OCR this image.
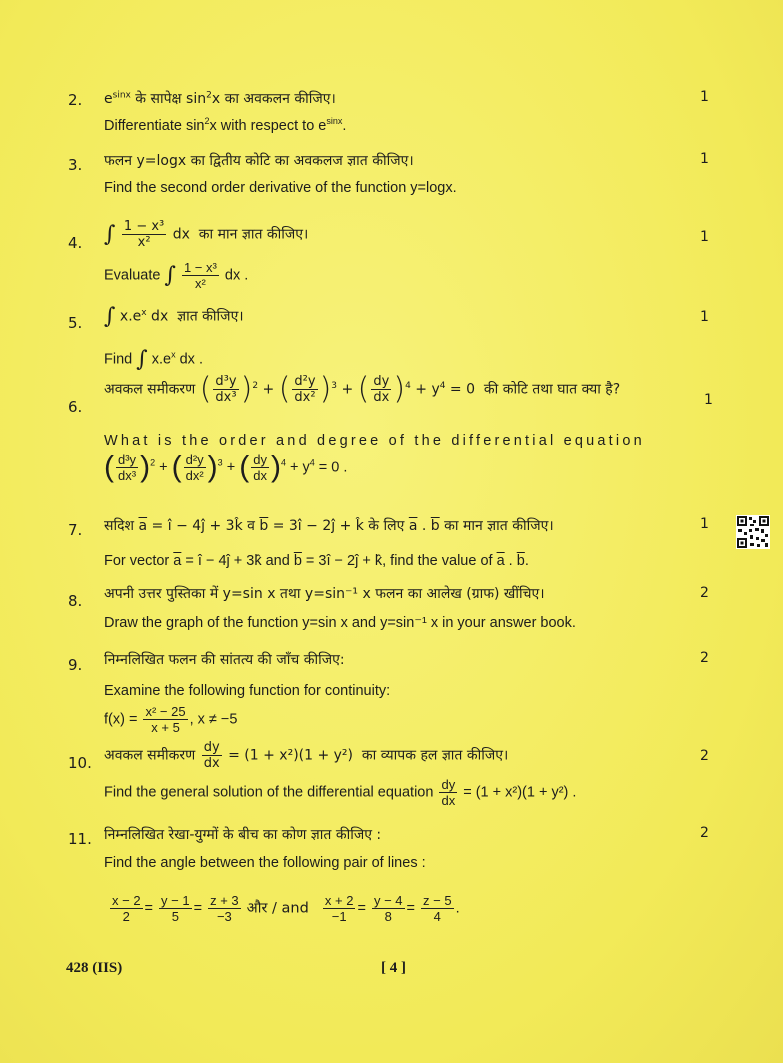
2.	1
$e^{sinx}$ के सापेक्ष $\sin^2x$ का अवकलन कीजिए।
Differentiate $\sin^2x$ with respect to $e^{sinx}$.
3.	1
फलन y=logx का द्वितीय कोटि का अवकलज ज्ञात कीजिए।
Find the second order derivative of the function y=logx.
4.	1
∫ $\frac{\text{1 − x³}}{\text{x²}}$ dx का मान ज्ञात कीजिए।
Evaluate ∫ $\frac{\text{1 − x³}}{\text{x²}}$ dx .
5.	1
∫ $x.e^x$ dx ज्ञात कीजिए।
Find ∫ $x.e^x$ dx .
6.	1
अवकल समीकरण ( $\frac{\text{d³y}}{\text{dx³}} )^2$ + ( $\frac{\text{d²y}}{\text{dx²}} )^3$ + ( $\frac{dy}{dx} )^4 + y^4 = 0$ की कोटि तथा घात क्या है?
What is the order and degree of the differential equation
( $\frac{\text{d³y}}{\text{dx³}} )^2$ + ( $\frac{\text{d²y}}{\text{dx²}} )^3$ + ( $\frac{dy}{dx} )^4 + y^4 = 0$ .
7.	1
सदिश $\overline{a}$ = î − 4ĵ + 3k̂ व $\overline{b}$ = 3î − 2ĵ + k̂ के लिए $\overline{a}$ . $\overline{b}$ का मान ज्ञात कीजिए।
For vector $\overline{a}$ = î − 4ĵ + 3k̂ and $\overline{b}$ = 3î − 2ĵ + k̂, find the value of $\overline{a}$ . $\overline{b}$.
8.	2
अपनी उत्तर पुस्तिका में y=sin x तथा y=sin⁻¹ x फलन का आलेख (ग्राफ) खींचिए।
Draw the graph of the function y=sin x and y=sin⁻¹ x in your answer book.
9.	2
निम्नलिखित फलन की सांतत्य की जाँच कीजिए:
Examine the following function for continuity:
$f(x) = \frac{\text{x² − 25}}{x + 5}$ , x ≠ −5
10.	2
अवकल समीकरण $\frac{dy}{dx} = (1 + x^2)(1 + y^2)$ का व्यापक हल ज्ञात कीजिए।
Find the general solution of the differential equation $\frac{dy}{dx} = (1 + x^2)(1 + y^2)$ .
11.	2
निम्नलिखित रेखा-युग्मों के बीच का कोण ज्ञात कीजिए :
Find the angle between the following pair of lines :
$\frac{x - 2}{2} = \frac{y - 1}{5} = \frac{z + 3}{-3}$ और / and $\frac{x + 2}{-1} = \frac{y - 4}{8} = \frac{z - 5}{4}$ .
428 (IIS)	[ 4 ]
